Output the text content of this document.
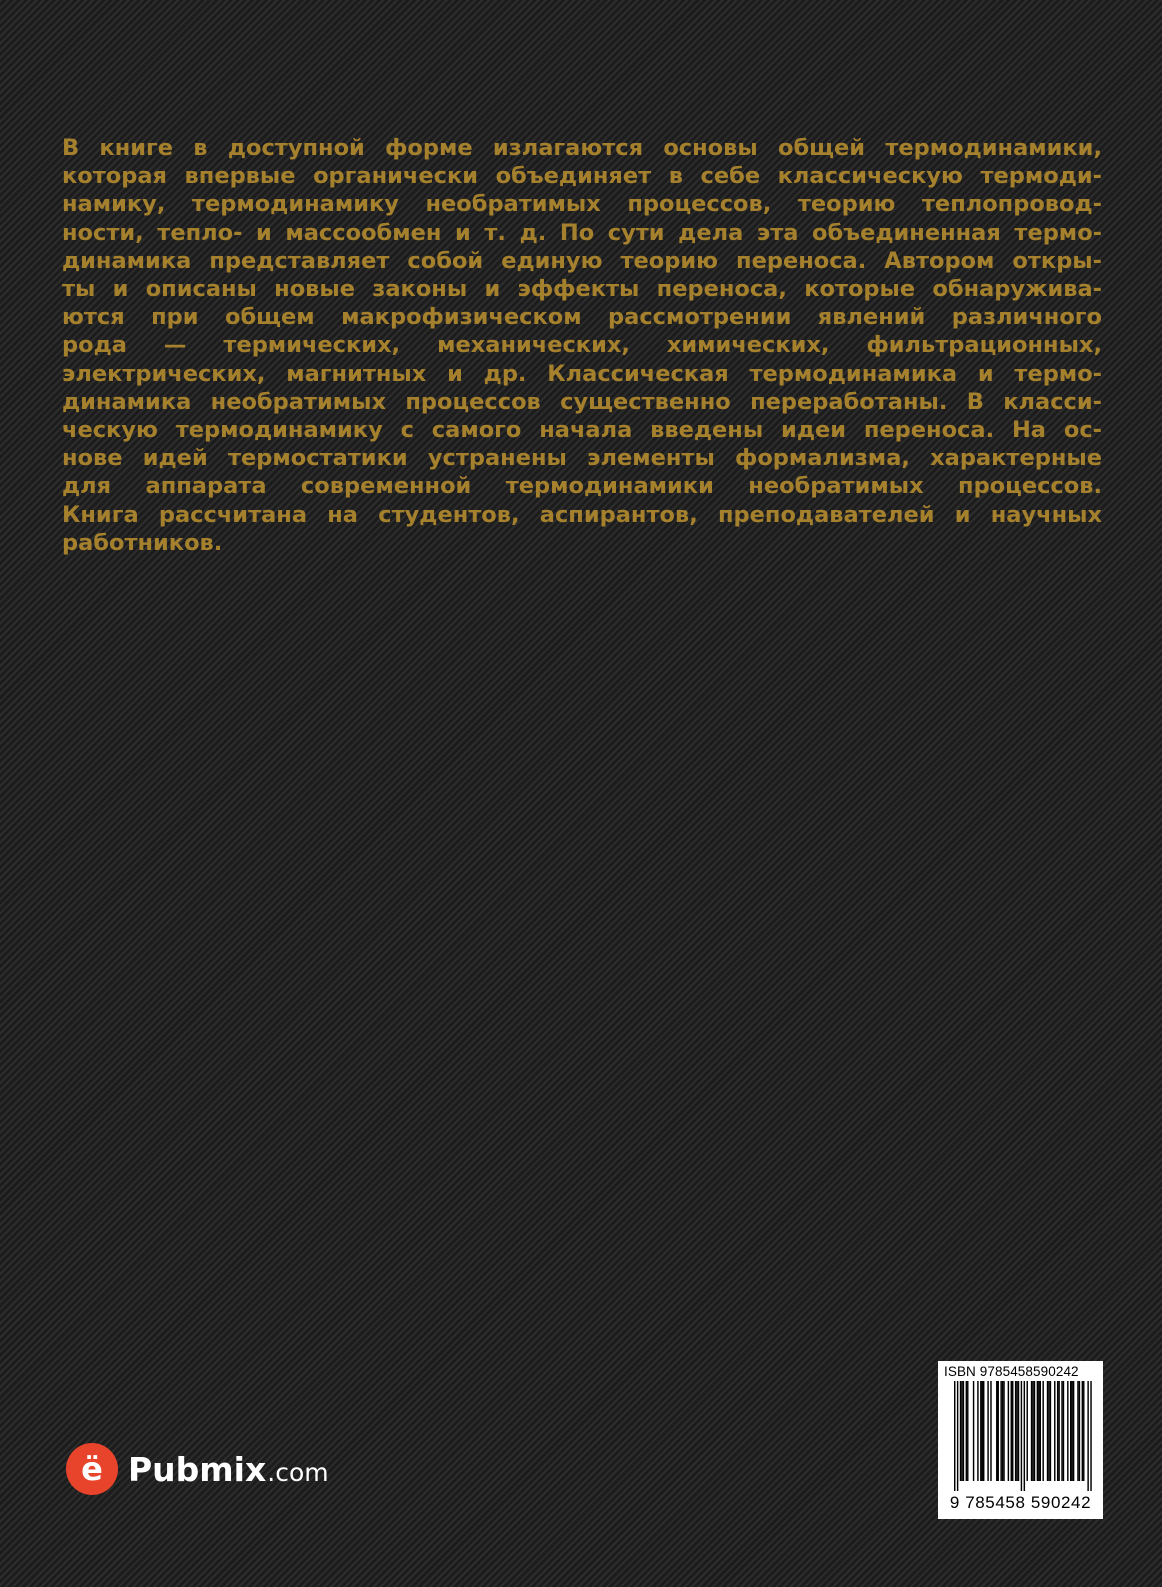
В книге в доступной форме излагаются основы общей термодинамики,
которая впервые органически объединяет в себе классическую термоди-
намику, термодинамику необратимых процессов, теорию теплопровод-
ности, тепло- и массообмен и т. д. По сути дела эта объединенная термо-
динамика представляет собой единую теорию переноса. Автором откры-
ты и описаны новые законы и эффекты переноса, которые обнаружива-
ются при общем макрофизическом рассмотрении явлений различного
рода — термических, механических, химических, фильтрационных,
электрических, магнитных и др. Классическая термодинамика и термо-
динамика необратимых процессов существенно переработаны. В класси-
ческую термодинамику с самого начала введены идеи переноса. На ос-
нове идей термостатики устранены элементы формализма, характерные
для аппарата современной термодинамики необратимых процессов.
Книга рассчитана на студентов, аспирантов, преподавателей и научных
работников.
ё Pubmix .com
ISBN 9785458590242
9 785458 590242
